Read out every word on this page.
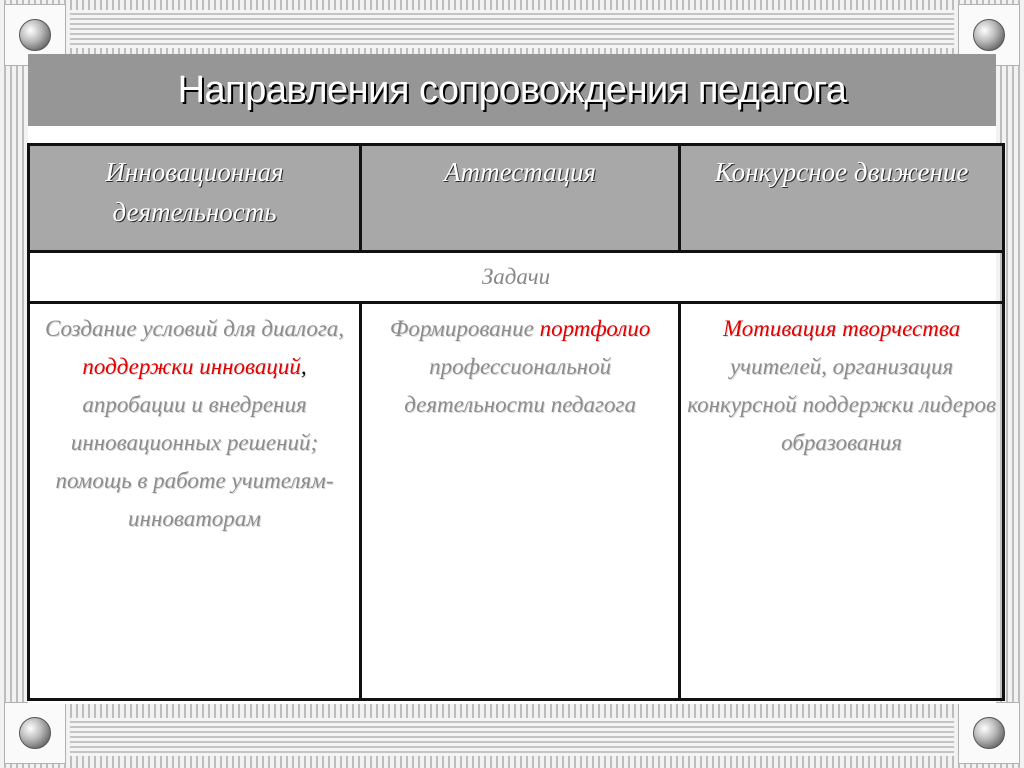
Направления сопровождения педагога
Инновационная деятельность	Аттестация	Конкурсное движение
Задачи		
Создание условий для диалога, поддержки инноваций, апробации и внедрения инновационных решений; помощь в работе учителям-инноваторам	Формирование портфолио профессиональной деятельности педагога	Мотивация творчества учителей, организация конкурсной поддержки лидеров образования
